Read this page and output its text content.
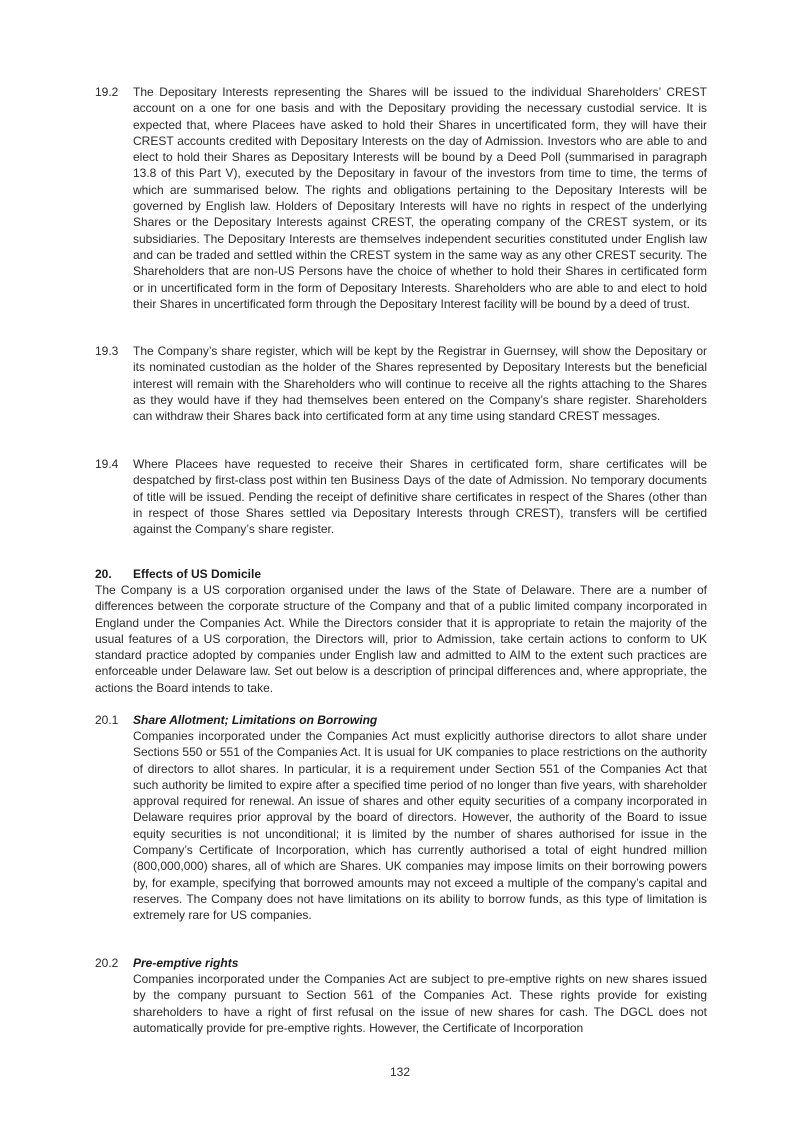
19.2 The Depositary Interests representing the Shares will be issued to the individual Shareholders’ CREST account on a one for one basis and with the Depositary providing the necessary custodial service. It is expected that, where Placees have asked to hold their Shares in uncertificated form, they will have their CREST accounts credited with Depositary Interests on the day of Admission. Investors who are able to and elect to hold their Shares as Depositary Interests will be bound by a Deed Poll (summarised in paragraph 13.8 of this Part V), executed by the Depositary in favour of the investors from time to time, the terms of which are summarised below. The rights and obligations pertaining to the Depositary Interests will be governed by English law. Holders of Depositary Interests will have no rights in respect of the underlying Shares or the Depositary Interests against CREST, the operating company of the CREST system, or its subsidiaries. The Depositary Interests are themselves independent securities constituted under English law and can be traded and settled within the CREST system in the same way as any other CREST security. The Shareholders that are non-US Persons have the choice of whether to hold their Shares in certificated form or in uncertificated form in the form of Depositary Interests. Shareholders who are able to and elect to hold their Shares in uncertificated form through the Depositary Interest facility will be bound by a deed of trust.
19.3 The Company’s share register, which will be kept by the Registrar in Guernsey, will show the Depositary or its nominated custodian as the holder of the Shares represented by Depositary Interests but the beneficial interest will remain with the Shareholders who will continue to receive all the rights attaching to the Shares as they would have if they had themselves been entered on the Company’s share register. Shareholders can withdraw their Shares back into certificated form at any time using standard CREST messages.
19.4 Where Placees have requested to receive their Shares in certificated form, share certificates will be despatched by first-class post within ten Business Days of the date of Admission. No temporary documents of title will be issued. Pending the receipt of definitive share certificates in respect of the Shares (other than in respect of those Shares settled via Depositary Interests through CREST), transfers will be certified against the Company’s share register.
20. Effects of US Domicile
The Company is a US corporation organised under the laws of the State of Delaware. There are a number of differences between the corporate structure of the Company and that of a public limited company incorporated in England under the Companies Act. While the Directors consider that it is appropriate to retain the majority of the usual features of a US corporation, the Directors will, prior to Admission, take certain actions to conform to UK standard practice adopted by companies under English law and admitted to AIM to the extent such practices are enforceable under Delaware law. Set out below is a description of principal differences and, where appropriate, the actions the Board intends to take.
20.1 Share Allotment; Limitations on Borrowing
Companies incorporated under the Companies Act must explicitly authorise directors to allot share under Sections 550 or 551 of the Companies Act. It is usual for UK companies to place restrictions on the authority of directors to allot shares. In particular, it is a requirement under Section 551 of the Companies Act that such authority be limited to expire after a specified time period of no longer than five years, with shareholder approval required for renewal. An issue of shares and other equity securities of a company incorporated in Delaware requires prior approval by the board of directors. However, the authority of the Board to issue equity securities is not unconditional; it is limited by the number of shares authorised for issue in the Company’s Certificate of Incorporation, which has currently authorised a total of eight hundred million (800,000,000) shares, all of which are Shares. UK companies may impose limits on their borrowing powers by, for example, specifying that borrowed amounts may not exceed a multiple of the company’s capital and reserves. The Company does not have limitations on its ability to borrow funds, as this type of limitation is extremely rare for US companies.
20.2 Pre-emptive rights
Companies incorporated under the Companies Act are subject to pre-emptive rights on new shares issued by the company pursuant to Section 561 of the Companies Act. These rights provide for existing shareholders to have a right of first refusal on the issue of new shares for cash. The DGCL does not automatically provide for pre-emptive rights. However, the Certificate of Incorporation
132
